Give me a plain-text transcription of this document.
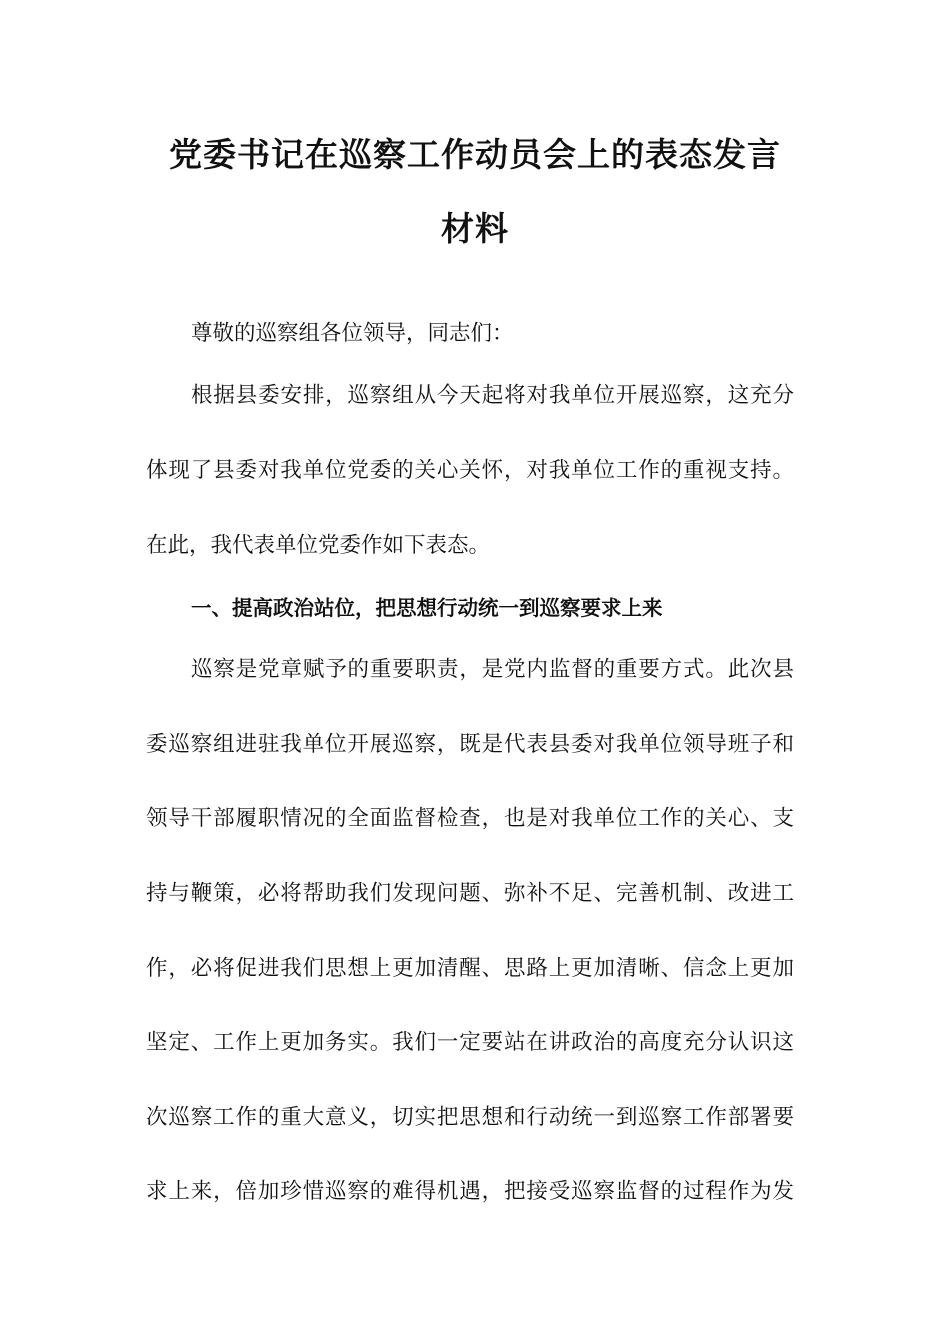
党委书记在巡察工作动员会上的表态发言
材料
尊敬的巡察组各位领导，同志们：
根据县委安排，巡察组从今天起将对我单位开展巡察，这充分
体现了县委对我单位党委的关心关怀，对我单位工作的重视支持。
在此，我代表单位党委作如下表态。
一、提高政治站位，把思想行动统一到巡察要求上来
巡察是党章赋予的重要职责，是党内监督的重要方式。此次县
委巡察组进驻我单位开展巡察，既是代表县委对我单位领导班子和
领导干部履职情况的全面监督检查，也是对我单位工作的关心、支
持与鞭策，必将帮助我们发现问题、弥补不足、完善机制、改进工
作，必将促进我们思想上更加清醒、思路上更加清晰、信念上更加
坚定、工作上更加务实。我们一定要站在讲政治的高度充分认识这
次巡察工作的重大意义，切实把思想和行动统一到巡察工作部署要
求上来，倍加珍惜巡察的难得机遇，把接受巡察监督的过程作为发
